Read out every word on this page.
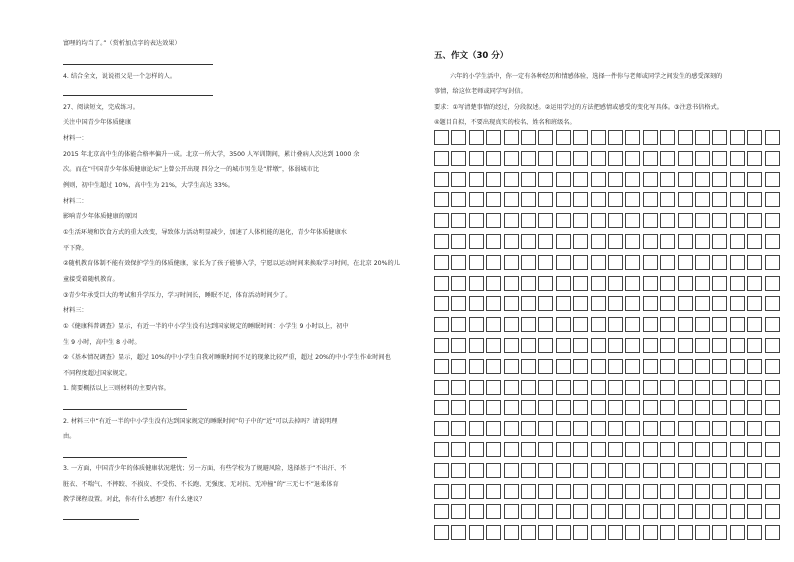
富哩的均当了。”（赏析加点字的表达效果）
4. 结合全文，说说祖父是一个怎样的人。
27、阅读短文，完成练习。
关注中国青少年体质健康
材料一：
2015 年北京高中生的体能合格率偏升一成。北京一所大学，3500 人军训期间，累计叠病人次达到 1000 余
次。而在“中国青少年体质健康论坛”上曾公开出现 四分之一的城市男生是“胖墩”，体弱城市比
例则，初中生超过 10%，高中生为 21%，大学生高达 33%。
材料二：
影响青少年体质健康的原因
①生活环境和饮食方式的重大改变，导致体力活动明显减少，加速了人体机能的退化，青少年体质健康水
平下降。
②随机教育体制不能有效保护学生的体质健康，家长为了孩子能够入学，宁愿以运动时间来换取学习时间，在北京 20%的儿
童接受着随机教育。
③青少年承受巨大的考试和升学压力，学习时间长，睡眠不足，体育活动时间少了。
材料三：
①《健康科普调查》显示，有近一半的中小学生没有达到国家规定的睡眠时间：小学生 9 小时以上，初中
生 9 小时，高中生 8 小时。
②《基本情况调查》显示，超过 10%的中小学生自我对睡眠时间不足的现象比较严重，超过 20%的中小学生作业时间也
不同程度超过国家规定。
1. 简要概括以上三则材料的主要内容。
2. 材料三中“有近一半的中小学生没有达到国家规定的睡眠时间”句子中的“近”可以去掉吗？请说明理
由。
3. 一方面，中国青少年的体质健康状况堪忧；另一方面，有些学校为了规避风险，选择基于“不出汗、不
脏衣、不喘气、不摔跤、不损皮、不受伤、不长跑、无强度、无对抗、无冲撞”的“三无七不”退柔体育
教学课程设置。对此，你有什么感想？有什么建议？
五、作文（30 分）
六年的小学生活中，你一定有各种经历和情感体验，选择一件你与老师或同学之间发生的感受深刻的
事情，给这位老师或同学写封信。
要求：①写清楚事情的经过，分段叙述。②运用学过的方法把感情或感受的变化写具体。③注意书信格式。
④题目自拟，不要出现真实的校名、姓名和班级名。
